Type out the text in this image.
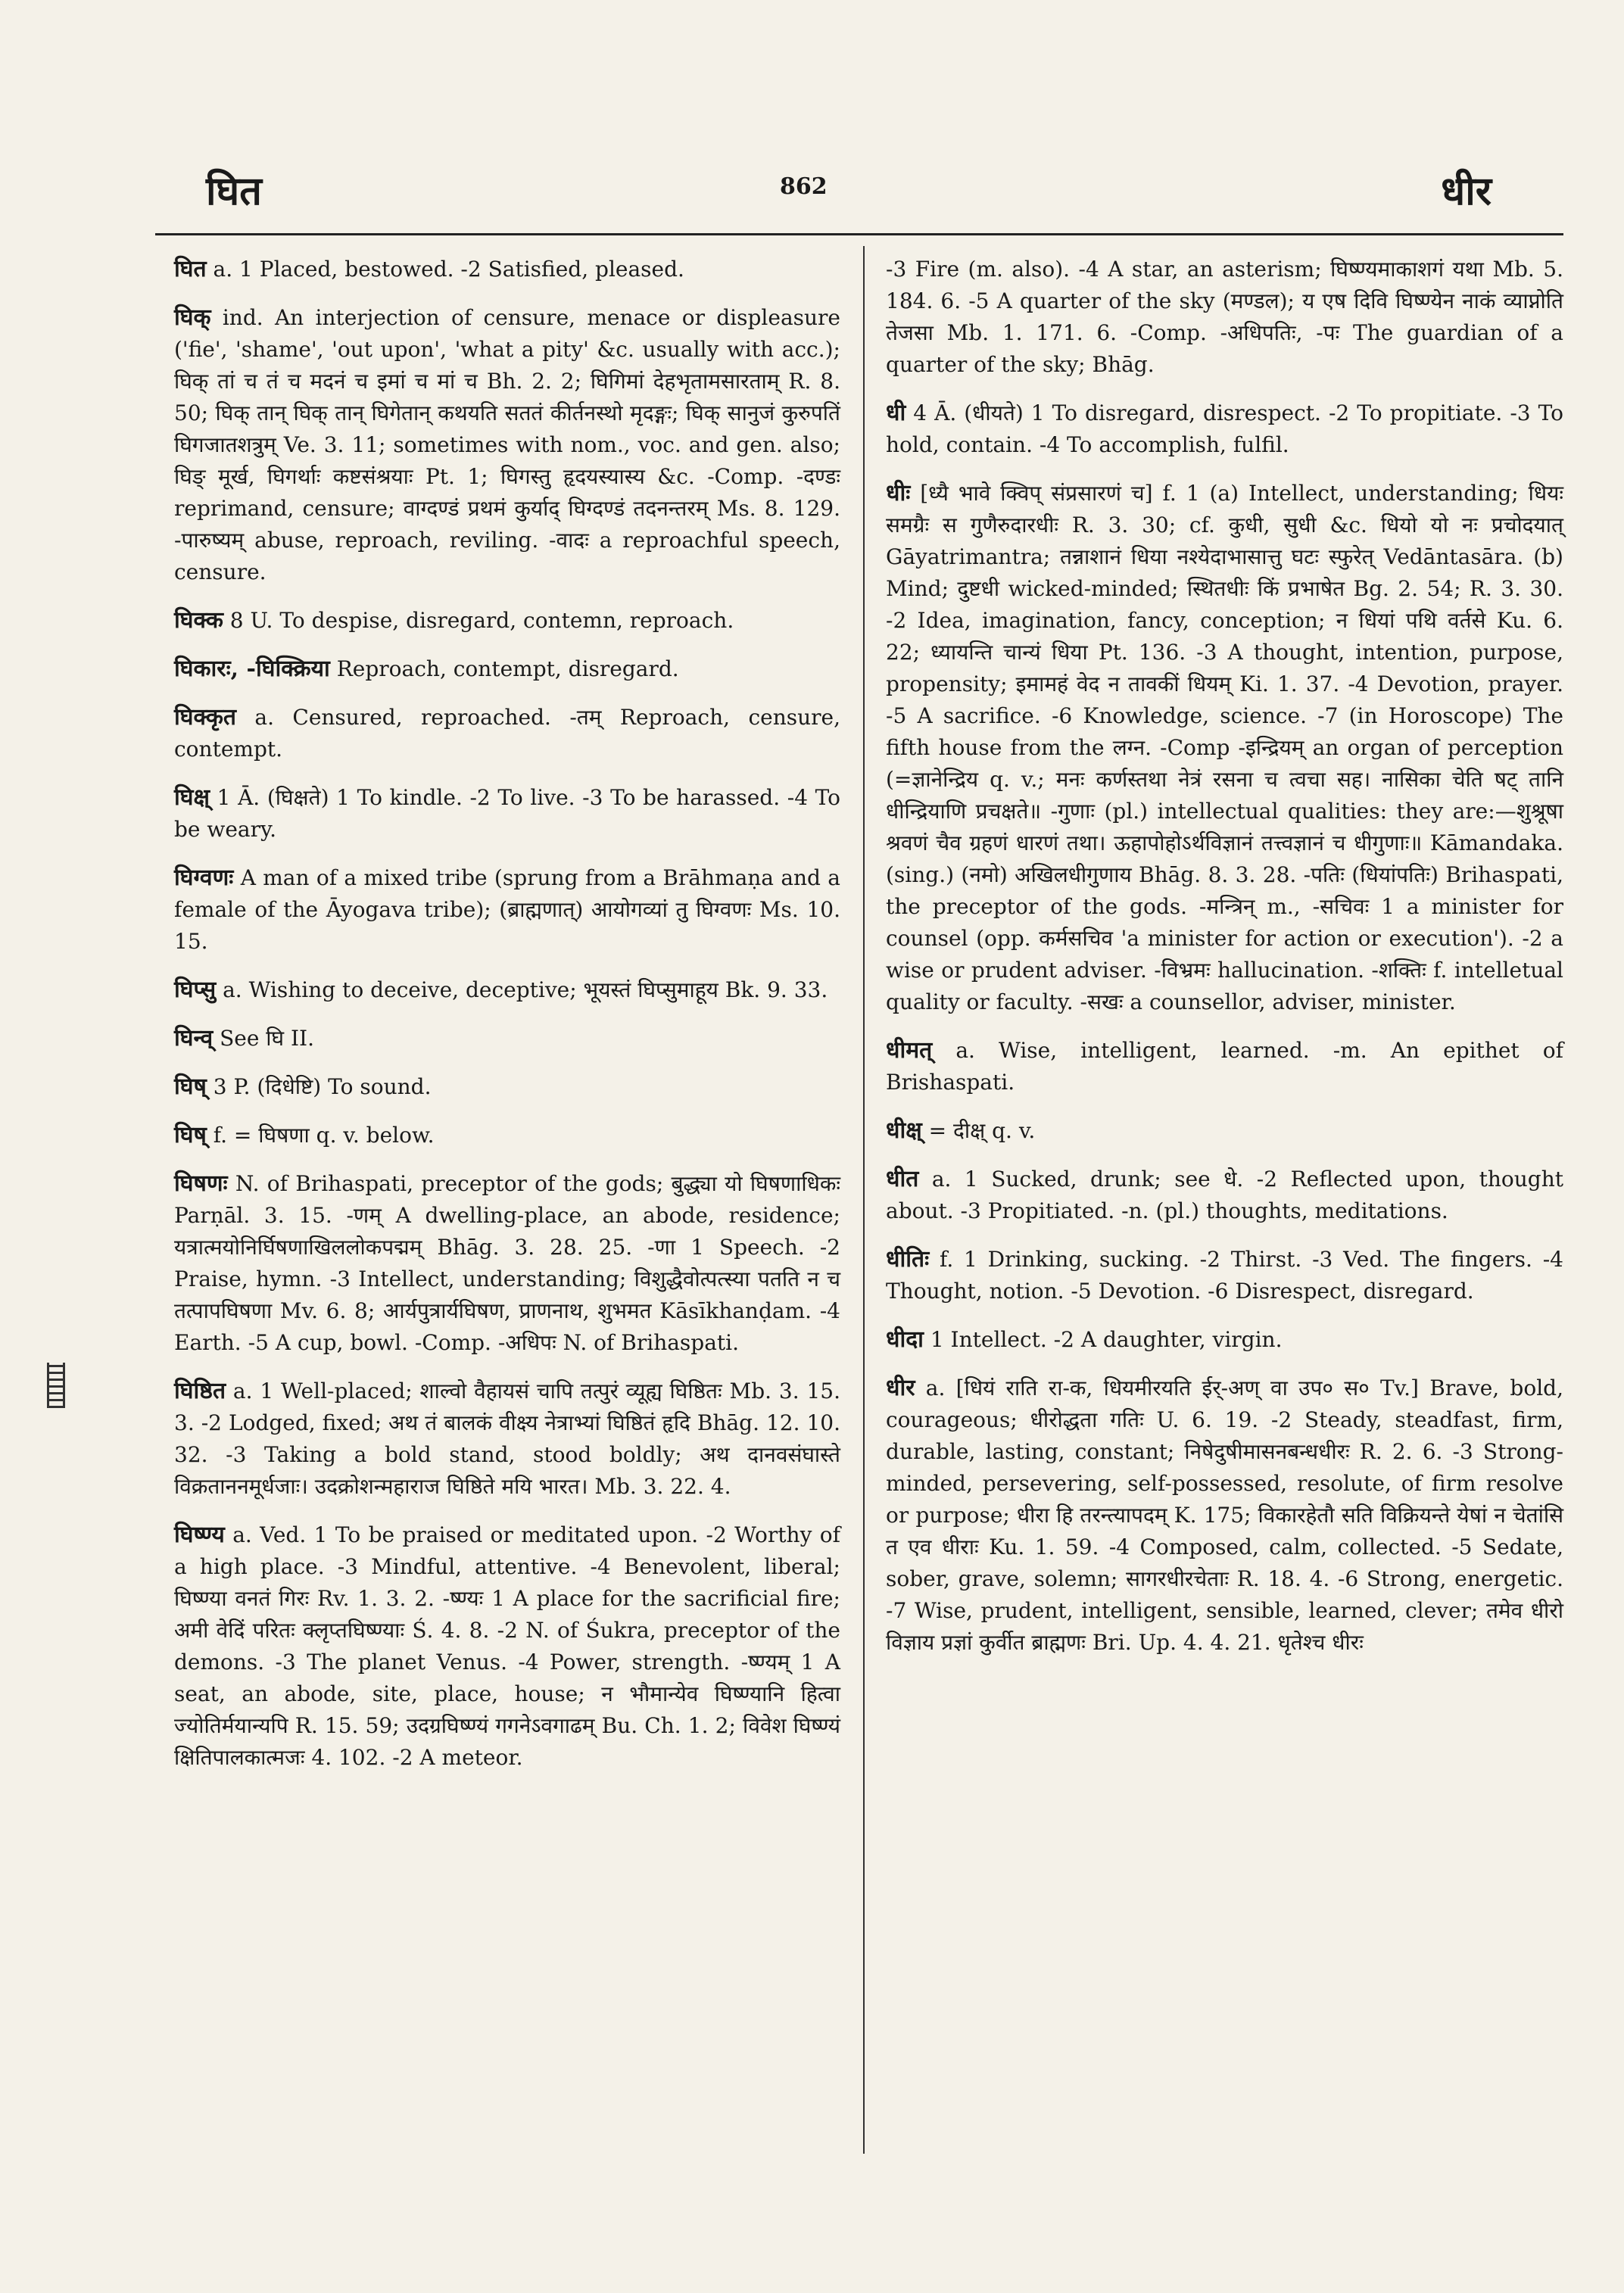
घित	862	धीर

घित a. 1 Placed, bestowed. -2 Satisfied, pleased.

घिक् ind. An interjection of censure, menace or displeasure ('fie', 'shame', 'out upon', 'what a pity' &c. usually with acc.); घिक् तां च तं च मदनं च इमां च मां च Bh. 2. 2; घिगिमां देहभृतामसारताम् R. 8. 50; घिक् तान् घिक् तान् घिगेतान् कथयति सततं कीर्तनस्थो मृदङ्गः; घिक् सानुजं कुरुपतिं घिगजातशत्रुम् Ve. 3. 11; sometimes with nom., voc. and gen. also; घिङ् मूर्ख, घिगर्थाः कष्टसंश्रयाः Pt. 1; घिगस्तु हृदयस्यास्य &c. -Comp. -दण्डः reprimand, censure; वाग्दण्डं प्रथमं कुर्याद् घिग्दण्डं तदनन्तरम् Ms. 8. 129. -पारुष्यम् abuse, reproach, reviling. -वादः a reproachful speech, censure.

घिक्क 8 U. To despise, disregard, contemn, reproach.

घिकारः, -घिक्क्रिया Reproach, contempt, disregard.

घिक्कृत a. Censured, reproached. -तम् Reproach, censure, contempt.

घिक्ष् 1 Ā. (घिक्षते) 1 To kindle. -2 To live. -3 To be harassed. -4 To be weary.

घिग्वणः A man of a mixed tribe (sprung from a Brāhmaṇa and a female of the Āyogava tribe); (ब्राह्मणात्) आयोगव्यां तु घिग्वणः Ms. 10. 15.

घिप्सु a. Wishing to deceive, deceptive; भूयस्तं घिप्सुमाहूय Bk. 9. 33.

घिन्व् See घि II.

घिष् 3 P. (दिधेष्टि) To sound.

घिष् f. = घिषणा q. v. below.

घिषणः N. of Brihaspati, preceptor of the gods; बुद्ध्या यो घिषणाधिकः Parṇāl. 3. 15. -णम् A dwelling-place, an abode, residence; यत्रात्मयोनिर्घिषणाखिललोकपद्मम् Bhāg. 3. 28. 25. -णा 1 Speech. -2 Praise, hymn. -3 Intellect, understanding; विशुद्धैवोत्पत्स्या पतति न च तत्पापघिषणा Mv. 6. 8; आर्यपुत्रार्यघिषण, प्राणनाथ, शुभमत Kāsīkhanḍam. -4 Earth. -5 A cup, bowl. -Comp. -अधिपः N. of Brihaspati.

घिष्ठित a. 1 Well-placed; शाल्वो वैहायसं चापि तत्पुरं व्यूह्य घिष्ठितः Mb. 3. 15. 3. -2 Lodged, fixed; अथ तं बालकं वीक्ष्य नेत्राभ्यां घिष्ठितं हृदि Bhāg. 12. 10. 32. -3 Taking a bold stand, stood boldly; अथ दानवसंघास्ते विक्रताननमूर्धजाः। उदक्रोशन्महाराज घिष्ठिते मयि भारत। Mb. 3. 22. 4.

घिष्ण्य a. Ved. 1 To be praised or meditated upon. -2 Worthy of a high place. -3 Mindful, attentive. -4 Benevolent, liberal; घिष्ण्या वनतं गिरः Rv. 1. 3. 2. -ष्ण्यः 1 A place for the sacrificial fire; अमी वेदिं परितः क्लृप्तघिष्ण्याः Ś. 4. 8. -2 N. of Śukra, preceptor of the demons. -3 The planet Venus. -4 Power, strength. -ष्ण्यम् 1 A seat, an abode, site, place, house; न भौमान्येव घिष्ण्यानि हित्वा ज्योतिर्मयान्यपि R. 15. 59; उदग्रघिष्ण्यं गगनेऽवगाढम् Bu. Ch. 1. 2; विवेश घिष्ण्यं क्षितिपालकात्मजः 4. 102. -2 A meteor.

-3 Fire (m. also). -4 A star, an asterism; घिष्ण्यमाकाशगं यथा Mb. 5. 184. 6. -5 A quarter of the sky (मण्डल); य एष दिवि घिष्ण्येन नाकं व्याप्नोति तेजसा Mb. 1. 171. 6. -Comp. -अधिपतिः, -पः The guardian of a quarter of the sky; Bhāg.

धी 4 Ā. (धीयते) 1 To disregard, disrespect. -2 To propitiate. -3 To hold, contain. -4 To accomplish, fulfil.

धीः [ध्यै भावे क्विप् संप्रसारणं च] f. 1 (a) Intellect, understanding; धियः समग्रैः स गुणैरुदारधीः R. 3. 30; cf. कुधी, सुधी &c. धियो यो नः प्रचोदयात् Gāyatrimantra; तन्नाशानं धिया नश्येदाभासात्तु घटः स्फुरेत् Vedāntasāra. (b) Mind; दुष्टधी wicked-minded; स्थितधीः किं प्रभाषेत Bg. 2. 54; R. 3. 30. -2 Idea, imagination, fancy, conception; न धियां पथि वर्तसे Ku. 6. 22; ध्यायन्ति चान्यं धिया Pt. 136. -3 A thought, intention, purpose, propensity; इमामहं वेद न तावकीं धियम् Ki. 1. 37. -4 Devotion, prayer. -5 A sacrifice. -6 Knowledge, science. -7 (in Horoscope) The fifth house from the लग्न. -Comp -इन्द्रियम् an organ of perception (=ज्ञानेन्द्रिय q. v.; मनः कर्णस्तथा नेत्रं रसना च त्वचा सह। नासिका चेति षट् तानि धीन्द्रियाणि प्रचक्षते॥ -गुणाः (pl.) intellectual qualities: they are:—शुश्रूषा श्रवणं चैव ग्रहणं धारणं तथा। ऊहापोहोऽर्थविज्ञानं तत्त्वज्ञानं च धीगुणाः॥ Kāmandaka. (sing.) (नमो) अखिलधीगुणाय Bhāg. 8. 3. 28. -पतिः (धियांपतिः) Brihaspati, the preceptor of the gods. -मन्त्रिन् m., -सचिवः 1 a minister for counsel (opp. कर्मसचिव 'a minister for action or execution'). -2 a wise or prudent adviser. -विभ्रमः hallucination. -शक्तिः f. intelletual quality or faculty. -सखः a counsellor, adviser, minister.

धीमत् a. Wise, intelligent, learned. -m. An epithet of Brishaspati.

धीक्ष् = दीक्ष् q. v.

धीत a. 1 Sucked, drunk; see धे. -2 Reflected upon, thought about. -3 Propitiated. -n. (pl.) thoughts, meditations.

धीतिः f. 1 Drinking, sucking. -2 Thirst. -3 Ved. The fingers. -4 Thought, notion. -5 Devotion. -6 Disrespect, disregard.

धीदा 1 Intellect. -2 A daughter, virgin.

धीर a. [धियं राति रा-क, धियमीरयति ईर्-अण् वा उप० स० Tv.] Brave, bold, courageous; धीरोद्धता गतिः U. 6. 19. -2 Steady, steadfast, firm, durable, lasting, constant; निषेदुषीमासनबन्धधीरः R. 2. 6. -3 Strong-minded, persevering, self-possessed, resolute, of firm resolve or purpose; धीरा हि तरन्त्यापदम् K. 175; विकारहेतौ सति विक्रियन्ते येषां न चेतांसि त एव धीराः Ku. 1. 59. -4 Composed, calm, collected. -5 Sedate, sober, grave, solemn; सागरधीरचेताः R. 18. 4. -6 Strong, energetic. -7 Wise, prudent, intelligent, sensible, learned, clever; तमेव धीरो विज्ञाय प्रज्ञां कुर्वीत ब्राह्मणः Bri. Up. 4. 4. 21. धृतेश्च धीरः
